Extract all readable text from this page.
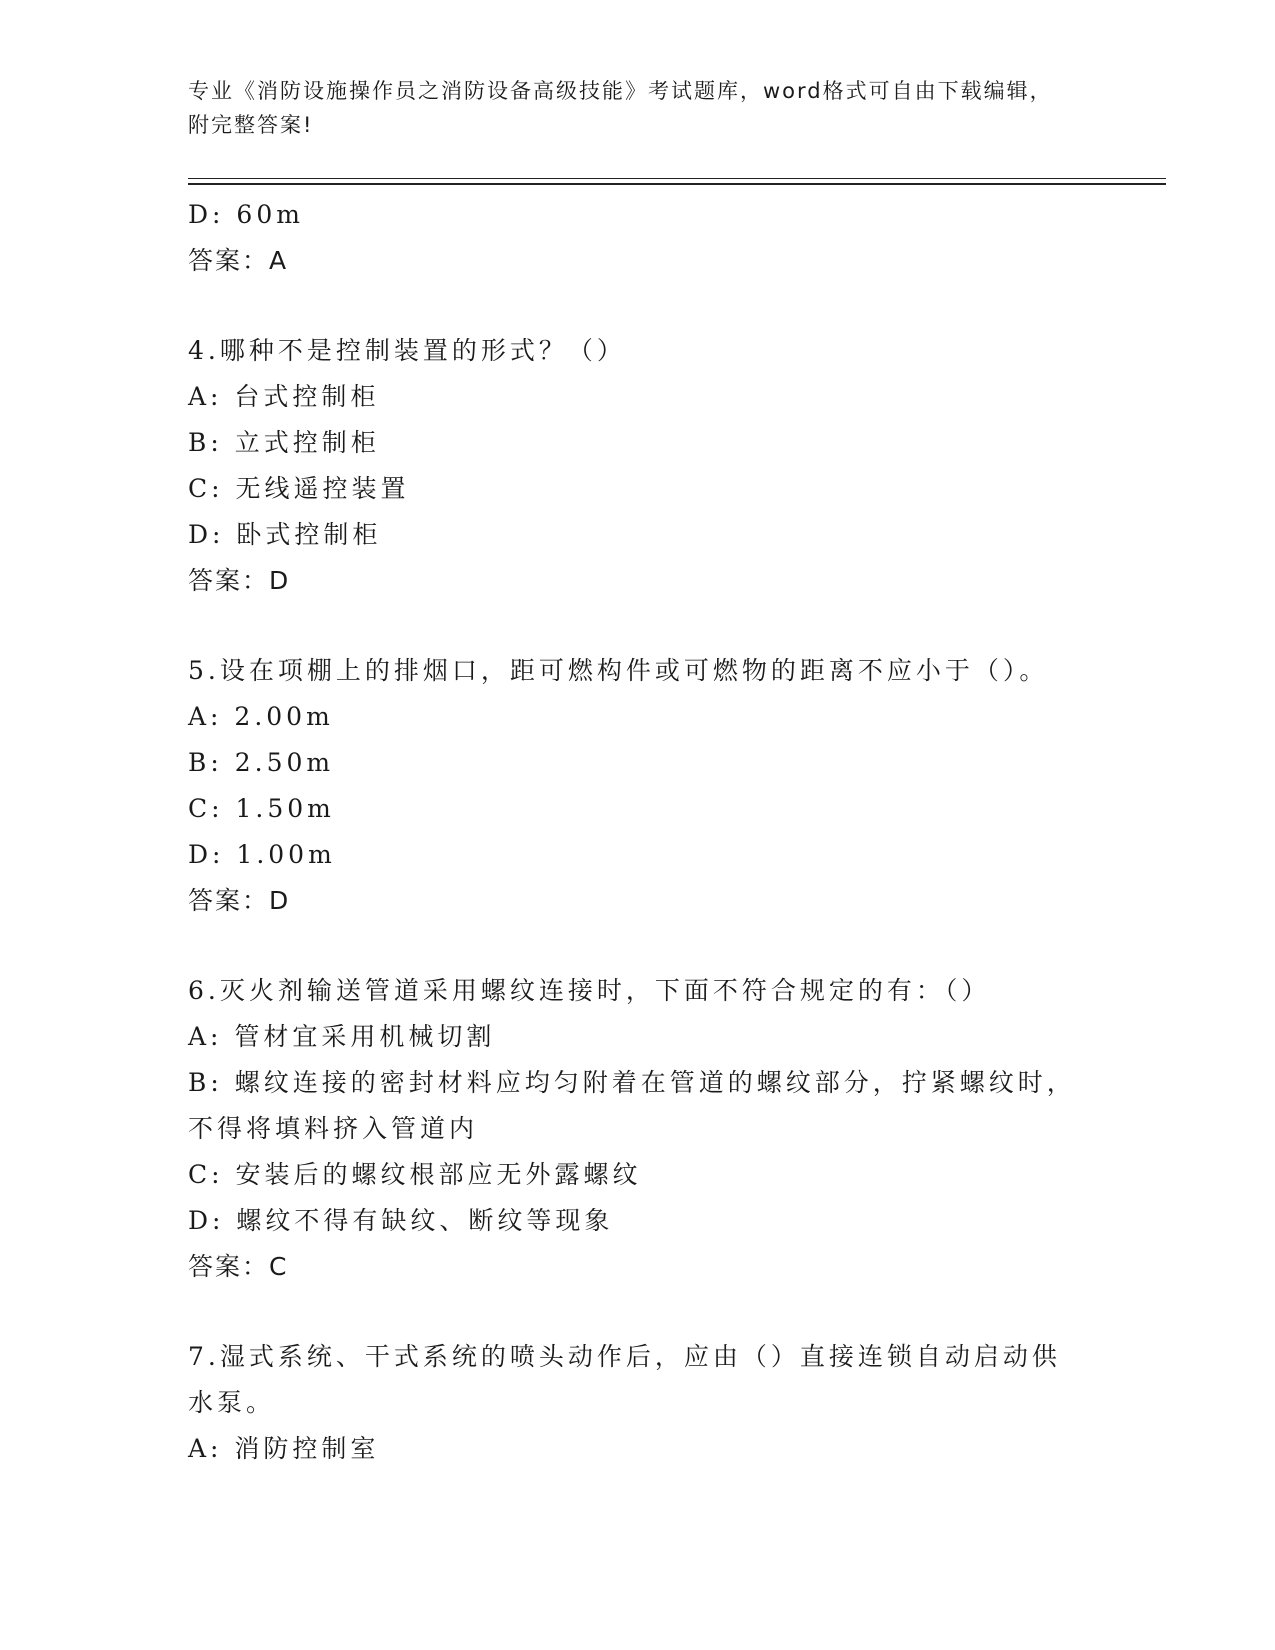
专业《消防设施操作员之消防设备高级技能》考试题库，word格式可自由下载编辑，附完整答案!
D: 60m
答案：A
4.哪种不是控制装置的形式？（）
A: 台式控制柜
B: 立式控制柜
C: 无线遥控装置
D: 卧式控制柜
答案：D
5.设在项棚上的排烟口，距可燃构件或可燃物的距离不应小于（）。
A: 2.00m
B: 2.50m
C: 1.50m
D: 1.00m
答案：D
6.灭火剂输送管道采用螺纹连接时，下面不符合规定的有：（）
A: 管材宜采用机械切割
B: 螺纹连接的密封材料应均匀附着在管道的螺纹部分，拧紧螺纹时，不得将填料挤入管道内
C: 安装后的螺纹根部应无外露螺纹
D: 螺纹不得有缺纹、断纹等现象
答案：C
7.湿式系统、干式系统的喷头动作后，应由（）直接连锁自动启动供水泵。
A: 消防控制室
